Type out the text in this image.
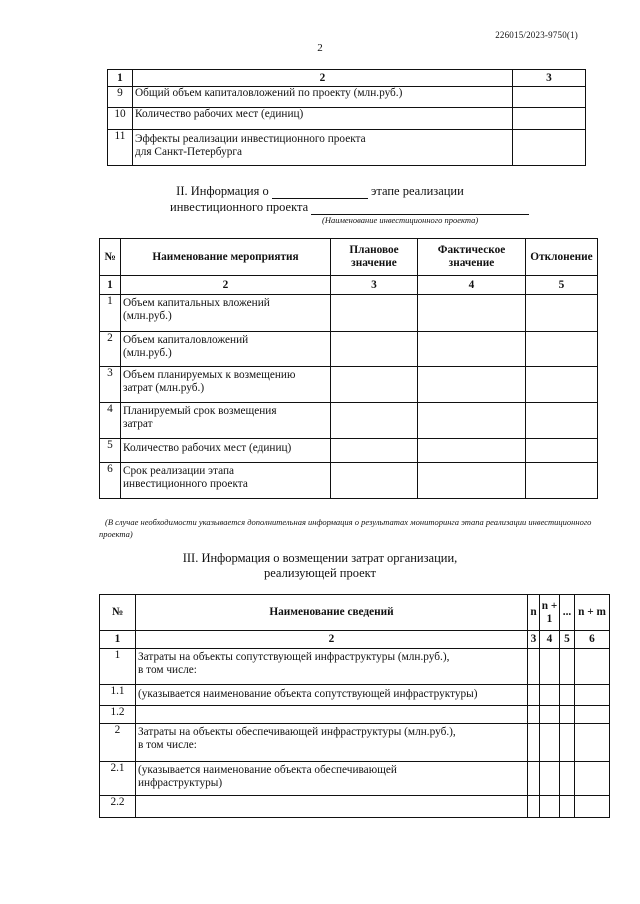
226015/2023-9750(1)
2
1	2	3
9	Общий объем капиталовложений по проекту (млн.руб.)	
10	Количество рабочих мест (единиц)	
11	Эффекты реализации инвестиционного проекта
для Санкт-Петербурга	
II. Информация о	этапе реализации
инвестиционного проекта
(Наименование инвестиционного проекта)
№	Наименование мероприятия	Плановое значение	Фактическое значение	Отклонение
1	2	3	4	5
1	Объем капитальных вложений
(млн.руб.)			
2	Объем капиталовложений
(млн.руб.)			
3	Объем планируемых к возмещению
затрат (млн.руб.)			
4	Планируемый срок возмещения
затрат			
5	Количество рабочих мест (единиц)			
6	Срок реализации этапа
инвестиционного проекта			
(В случае необходимости указывается дополнительная информация о результатах мониторинга этапа реализации инвестиционного проекта)
III. Информация о возмещении затрат организации,
реализующей проект
№	Наименование сведений	n	n + 1	...	n + m
1	2	3	4	5	6
1	Затраты на объекты сопутствующей инфраструктуры (млн.руб.),
в том числе:				
1.1	(указывается наименование объекта сопутствующей инфраструктуры)				
1.2					
2	Затраты на объекты обеспечивающей инфраструктуры (млн.руб.),
в том числе:				
2.1	(указывается наименование объекта обеспечивающей
инфраструктуры)				
2.2					
